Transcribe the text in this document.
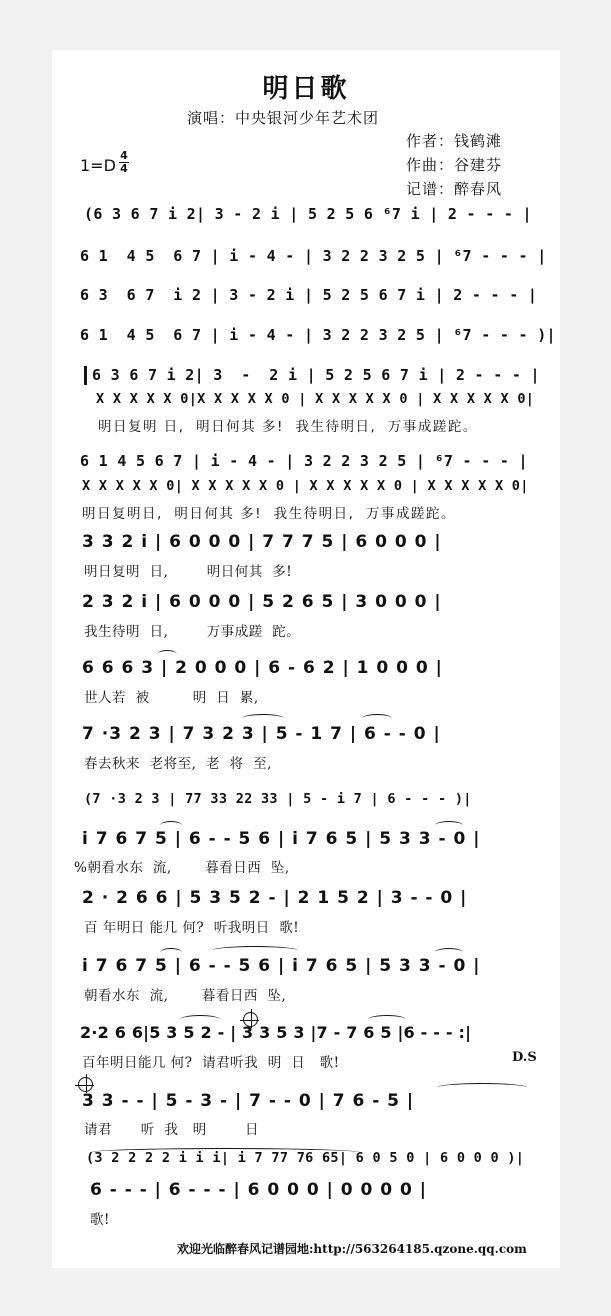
明日歌
演唱：中央银河少年艺术团
作者：钱鹤滩
作曲：谷建芬
记谱：醉春风
1=D
4
4
(6 3 6 7 i 2| 3 - 2 i | 5 2 5 6 ⁶7 i | 2 - - - |
6 1  4 5  6 7 | i - 4 - | 3 2 2 3 2 5 | ⁶7 - - - |
6 3  6 7  i 2 | 3 - 2 i | 5 2 5 6 7 i | 2 - - - |
6 1  4 5  6 7 | i - 4 - | 3 2 2 3 2 5 | ⁶7 - - - )|
6 3 6 7 i 2| 3  -  2 i | 5 2 5 6 7 i | 2 - - - |
X X X X X 0|X X X X X 0 | X X X X X 0 | X X X X X 0|
明日复明 日,  明日何其 多!  我生待明日,  万事成蹉跎。
6 1 4 5 6 7 | i - 4 - | 3 2 2 3 2 5 | ⁶7 - - - |
X X X X X 0| X X X X X 0 | X X X X X 0 | X X X X X 0|
明日复明日,  明日何其 多!  我生待明日,  万事成蹉跎。
3 3 2 i | 6 0 0 0 | 7 7 7 5 | 6 0 0 0 |
明日复明  日,        明日何其  多!
2 3 2 i | 6 0 0 0 | 5 2 6 5 | 3 0 0 0 |
我生待明  日,        万事成蹉  跎。
6 6 6 3 | 2 0 0 0 | 6 - 6 2 | 1 0 0 0 |
世人若  被         明  日  累,
7 ·3 2 3 | 7 3 2 3 | 5 - 1 7 | 6 - - 0 |
春去秋来  老将至,  老  将  至,
(7 ·3 2 3 | 77 33 22 33 | 5 - i 7 | 6 - - - )|
i 7 6 7 5 | 6 - - 5 6 | i 7 6 5 | 5 3 3 - 0 |
%朝看水东  流,       暮看日西  坠,
2 · 2 6 6 | 5 3 5 2 - | 2 1 5 2 | 3 - - 0 |
百 年明日 能几 何?  听我明日  歌!
i 7 6 7 5 | 6 - - 5 6 | i 7 6 5 | 5 3 3 - 0 |
朝看水东  流,       暮看日西  坠,
2·2 6 6|5 3 5 2 - | 3 3 5 3 |7 - 7 6 5 |6 - - - :|
百年明日能几 何?  请君听我  明  日   歌!	D.S
3 3 - - | 5 - 3 - | 7 - - 0 | 7 6 - 5 |
请君      听  我   明        日
(3 2 2 2 2 i i i| i 7 77 76 65| 6 0 5 0 | 6 0 0 0 )|
6 - - - | 6 - - - | 6 0 0 0 | 0 0 0 0 |
歌!
欢迎光临醉春风记谱园地:http://563264185.qzone.qq.com
